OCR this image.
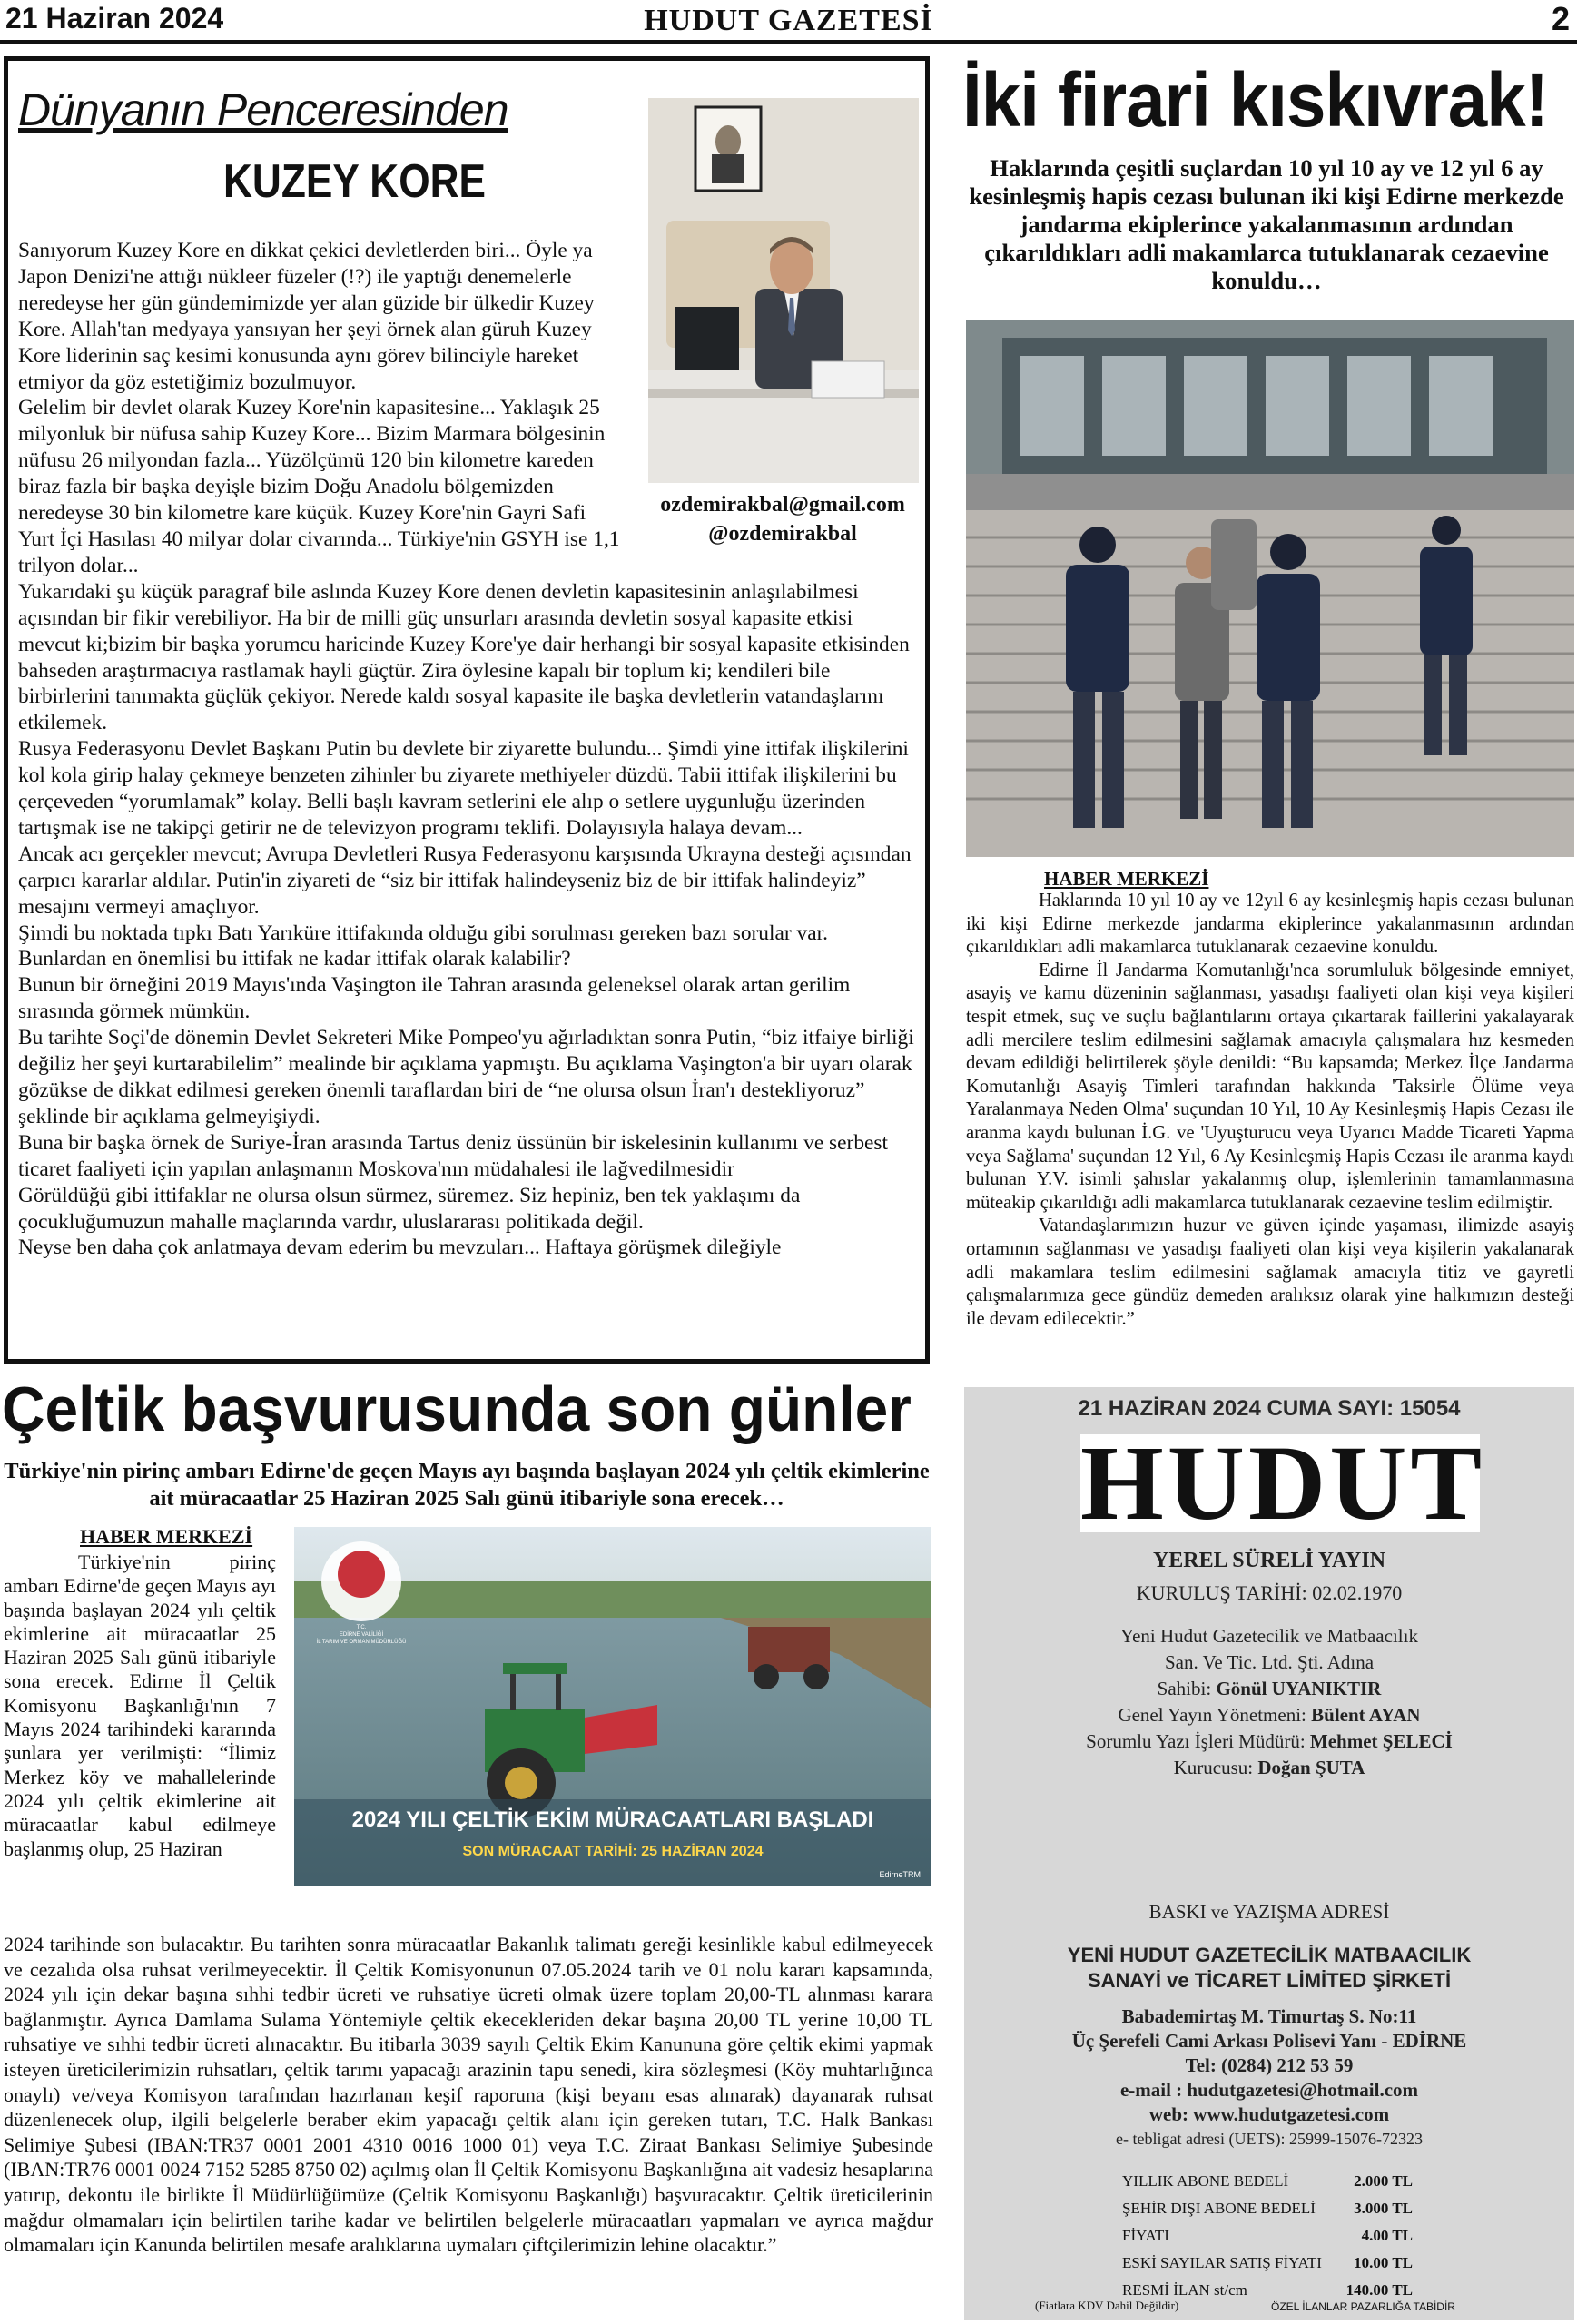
21 Haziran 2024	HUDUT GAZETESİ	2
Dünyanın Penceresinden
KUZEY KORE
ozdemirakbal@gmail.com
@ozdemirakbal

Sanıyorum Kuzey Kore en dikkat çekici devletlerden biri... Öyle ya Japon Denizi'ne attığı nükleer füzeler (!?) ile yaptığı denemelerle neredeyse her gün gündemimizde yer alan güzide bir ülkedir Kuzey Kore. Allah'tan medyaya yansıyan her şeyi örnek alan güruh Kuzey Kore liderinin saç kesimi konusunda aynı görev bilinciyle hareket etmiyor da göz estetiğimiz bozulmuyor.

Gelelim bir devlet olarak Kuzey Kore'nin kapasitesine... Yaklaşık 25 milyonluk bir nüfusa sahip Kuzey Kore... Bizim Marmara bölgesinin nüfusu 26 milyondan fazla... Yüzölçümü 120 bin kilometre kareden biraz fazla bir başka deyişle bizim Doğu Anadolu bölgemizden neredeyse 30 bin kilometre kare küçük. Kuzey Kore'nin Gayri Safi Yurt İçi Hasılası 40 milyar dolar civarında... Türkiye'nin GSYH ise 1,1 trilyon dolar...

Yukarıdaki şu küçük paragraf bile aslında Kuzey Kore denen devletin kapasitesinin anlaşılabilmesi açısından bir fikir verebiliyor. Ha bir de milli güç unsurları arasında devletin sosyal kapasite etkisi mevcut ki;bizim bir başka yorumcu haricinde Kuzey Kore'ye dair herhangi bir sosyal kapasite etkisinden bahseden araştırmacıya rastlamak hayli güçtür. Zira öylesine kapalı bir toplum ki; kendileri bile birbirlerini tanımakta güçlük çekiyor. Nerede kaldı sosyal kapasite ile başka devletlerin vatandaşlarını etkilemek.

Rusya Federasyonu Devlet Başkanı Putin bu devlete bir ziyarette bulundu... Şimdi yine ittifak ilişkilerini kol kola girip halay çekmeye benzeten zihinler bu ziyarete methiyeler düzdü. Tabii ittifak ilişkilerini bu çerçeveden “yorumlamak” kolay. Belli başlı kavram setlerini ele alıp o setlere uygunluğu üzerinden tartışmak ise ne takipçi getirir ne de televizyon programı teklifi. Dolayısıyla halaya devam...

Ancak acı gerçekler mevcut; Avrupa Devletleri Rusya Federasyonu karşısında Ukrayna desteği açısından çarpıcı kararlar aldılar. Putin'in ziyareti de “siz bir ittifak halindeyseniz biz de bir ittifak halindeyiz” mesajını vermeyi amaçlıyor.

Şimdi bu noktada tıpkı Batı Yarıküre ittifakında olduğu gibi sorulması gereken bazı sorular var. Bunlardan en önemlisi bu ittifak ne kadar ittifak olarak kalabilir?

Bunun bir örneğini 2019 Mayıs'ında Vaşington ile Tahran arasında geleneksel olarak artan gerilim sırasında görmek mümkün.

Bu tarihte Soçi'de dönemin Devlet Sekreteri Mike Pompeo'yu ağırladıktan sonra Putin, “biz itfaiye birliği değiliz her şeyi kurtarabilelim” mealinde bir açıklama yapmıştı. Bu açıklama Vaşington'a bir uyarı olarak gözükse de dikkat edilmesi gereken önemli taraflardan biri de “ne olursa olsun İran'ı destekliyoruz” şeklinde bir açıklama gelmeyişiydi.

Buna bir başka örnek de Suriye-İran arasında Tartus deniz üssünün bir iskelesinin kullanımı ve serbest ticaret faaliyeti için yapılan anlaşmanın Moskova'nın müdahalesi ile lağvedilmesidir

Görüldüğü gibi ittifaklar ne olursa olsun sürmez, süremez. Siz hepiniz, ben tek yaklaşımı da çocukluğumuzun mahalle maçlarında vardır, uluslararası politikada değil.

Neyse ben daha çok anlatmaya devam ederim bu mevzuları... Haftaya görüşmek dileğiyle

İki firari kıskıvrak!
Haklarında çeşitli suçlardan 10 yıl 10 ay ve 12 yıl 6 ay kesinleşmiş hapis cezası bulunan iki kişi Edirne merkezde jandarma ekiplerince yakalanmasının ardından çıkarıldıkları adli makamlarca tutuklanarak cezaevine konuldu…
HABER MERKEZİ

Haklarında 10 yıl 10 ay ve 12yıl 6 ay kesinleşmiş hapis cezası bulunan iki kişi Edirne merkezde jandarma ekiplerince yakalanmasının ardından çıkarıldıkları adli makamlarca tutuklanarak cezaevine konuldu.

Edirne İl Jandarma Komutanlığı'nca sorumluluk bölgesinde emniyet, asayiş ve kamu düzeninin sağlanması, yasadışı faaliyeti olan kişi veya kişileri tespit etmek, suç ve suçlu bağlantılarını ortaya çıkartarak faillerini yakalayarak adli mercilere teslim edilmesini sağlamak amacıyla çalışmalara hız kesmeden devam edildiği belirtilerek şöyle denildi: “Bu kapsamda; Merkez İlçe Jandarma Komutanlığı Asayiş Timleri tarafından hakkında 'Taksirle Ölüme veya Yaralanmaya Neden Olma' suçundan 10 Yıl, 10 Ay Kesinleşmiş Hapis Cezası ile aranma kaydı bulunan İ.G. ve 'Uyuşturucu veya Uyarıcı Madde Ticareti Yapma veya Sağlama' suçundan 12 Yıl, 6 Ay Kesinleşmiş Hapis Cezası ile aranma kaydı bulunan Y.V. isimli şahıslar yakalanmış olup, işlemlerinin tamamlanmasına müteakip çıkarıldığı adli makamlarca tutuklanarak cezaevine teslim edilmiştir.

Vatandaşlarımızın huzur ve güven içinde yaşaması, ilimizde asayiş ortamının sağlanması ve yasadışı faaliyeti olan kişi veya kişilerin yakalanarak adli makamlara teslim edilmesini sağlamak amacıyla titiz ve gayretli çalışmalarımıza gece gündüz demeden aralıksız olarak yine halkımızın desteği ile devam edilecektir.”

21 HAZİRAN 2024 CUMA SAYI: 15054
HUDUT
YEREL SÜRELİ YAYIN
KURULUŞ TARİHİ: 02.02.1970
Yeni Hudut Gazetecilik ve Matbaacılık
San. Ve Tic. Ltd. Şti. Adına
Sahibi: Gönül UYANIKTIR
Genel Yayın Yönetmeni: Bülent AYAN
Sorumlu Yazı İşleri Müdürü: Mehmet ŞELECİ
Kurucusu: Doğan ŞUTA
BASKI ve YAZIŞMA ADRESİ
YENİ HUDUT GAZETECİLİK MATBAACILIK
SANAYİ ve TİCARET LİMİTED ŞİRKETİ
Babademirtaş M. Timurtaş S. No:11
Üç Şerefeli Cami Arkası Polisevi Yanı - EDİRNE
Tel: (0284) 212 53 59
e-mail : hudutgazetesi@hotmail.com
web: www.hudutgazetesi.com
e- tebligat adresi (UETS): 25999-15076-72323
YILLIK ABONE BEDELİ	2.000 TL
ŞEHİR DIŞI ABONE BEDELİ 3.000 TL
FİYATI	4.00 TL
ESKİ SAYILAR SATIŞ FİYATI 10.00 TL
RESMİ İLAN st/cm	140.00 TL
(Fiatlara KDV Dahil Değildir)	ÖZEL İLANLAR PAZARLIĞA TABİDİR
Çeltik başvurusunda son günler
Türkiye'nin pirinç ambarı Edirne'de geçen Mayıs ayı başında başlayan 2024 yılı çeltik ekimlerine ait müracaatlar 25 Haziran 2025 Salı günü itibariyle sona erecek…
HABER MERKEZİ

Türkiye'nin pirinç ambarı Edirne'de geçen Mayıs ayı başında başlayan 2024 yılı çeltik ekimlerine ait müracaatlar 25 Haziran 2025 Salı günü itibariyle sona erecek. Edirne İl Çeltik Komisyonu Başkanlığı'nın 7 Mayıs 2024 tarihindeki kararında şunlara yer verilmişti: “İlimiz Merkez köy ve mahallelerinde 2024 yılı çeltik ekimlerine ait müracaatlar kabul edilmeye başlanmış olup, 25 Haziran

T.C.
EDİRNE VALİLİĞİ
İL TARIM VE ORMAN MÜDÜRLÜĞÜ
2024 YILI ÇELTİK EKİM MÜRACAATLARI BAŞLADI
SON MÜRACAAT TARİHİ: 25 HAZİRAN 2024
EdirneTRM

2024 tarihinde son bulacaktır. Bu tarihten sonra müracaatlar Bakanlık talimatı gereği kesinlikle kabul edilmeyecek ve cezalıda olsa ruhsat verilmeyecektir. İl Çeltik Komisyonunun 07.05.2024 tarih ve 01 nolu kararı kapsamında, 2024 yılı için dekar başına sıhhi tedbir ücreti ve ruhsatiye ücreti olmak üzere toplam 20,00-TL alınması karara bağlanmıştır. Ayrıca Damlama Sulama Yöntemiyle çeltik ekecekleriden dekar başına 20,00 TL yerine 10,00 TL ruhsatiye ve sıhhi tedbir ücreti alınacaktır. Bu itibarla 3039 sayılı Çeltik Ekim Kanununa göre çeltik ekimi yapmak isteyen üreticilerimizin ruhsatları, çeltik tarımı yapacağı arazinin tapu senedi, kira sözleşmesi (Köy muhtarlığınca onaylı) ve/veya Komisyon tarafından hazırlanan keşif raporuna (kişi beyanı esas alınarak) dayanarak ruhsat düzenlenecek olup, ilgili belgelerle beraber ekim yapacağı çeltik alanı için gereken tutarı, T.C. Halk Bankası Selimiye Şubesi (IBAN:TR37 0001 2001 4310 0016 1000 01) veya T.C. Ziraat Bankası Selimiye Şubesinde (IBAN:TR76 0001 0024 7152 5285 8750 02) açılmış olan İl Çeltik Komisyonu Başkanlığına ait vadesiz hesaplarına yatırıp, dekontu ile birlikte İl Müdürlüğümüze (Çeltik Komisyonu Başkanlığı) başvuracaktır. Çeltik üreticilerinin mağdur olmamaları için belirtilen tarihe kadar ve belirtilen belgelerle müracaatları yapmaları ve ayrıca mağdur olmamaları için Kanunda belirtilen mesafe aralıklarına uymaları çiftçilerimizin lehine olacaktır.”
